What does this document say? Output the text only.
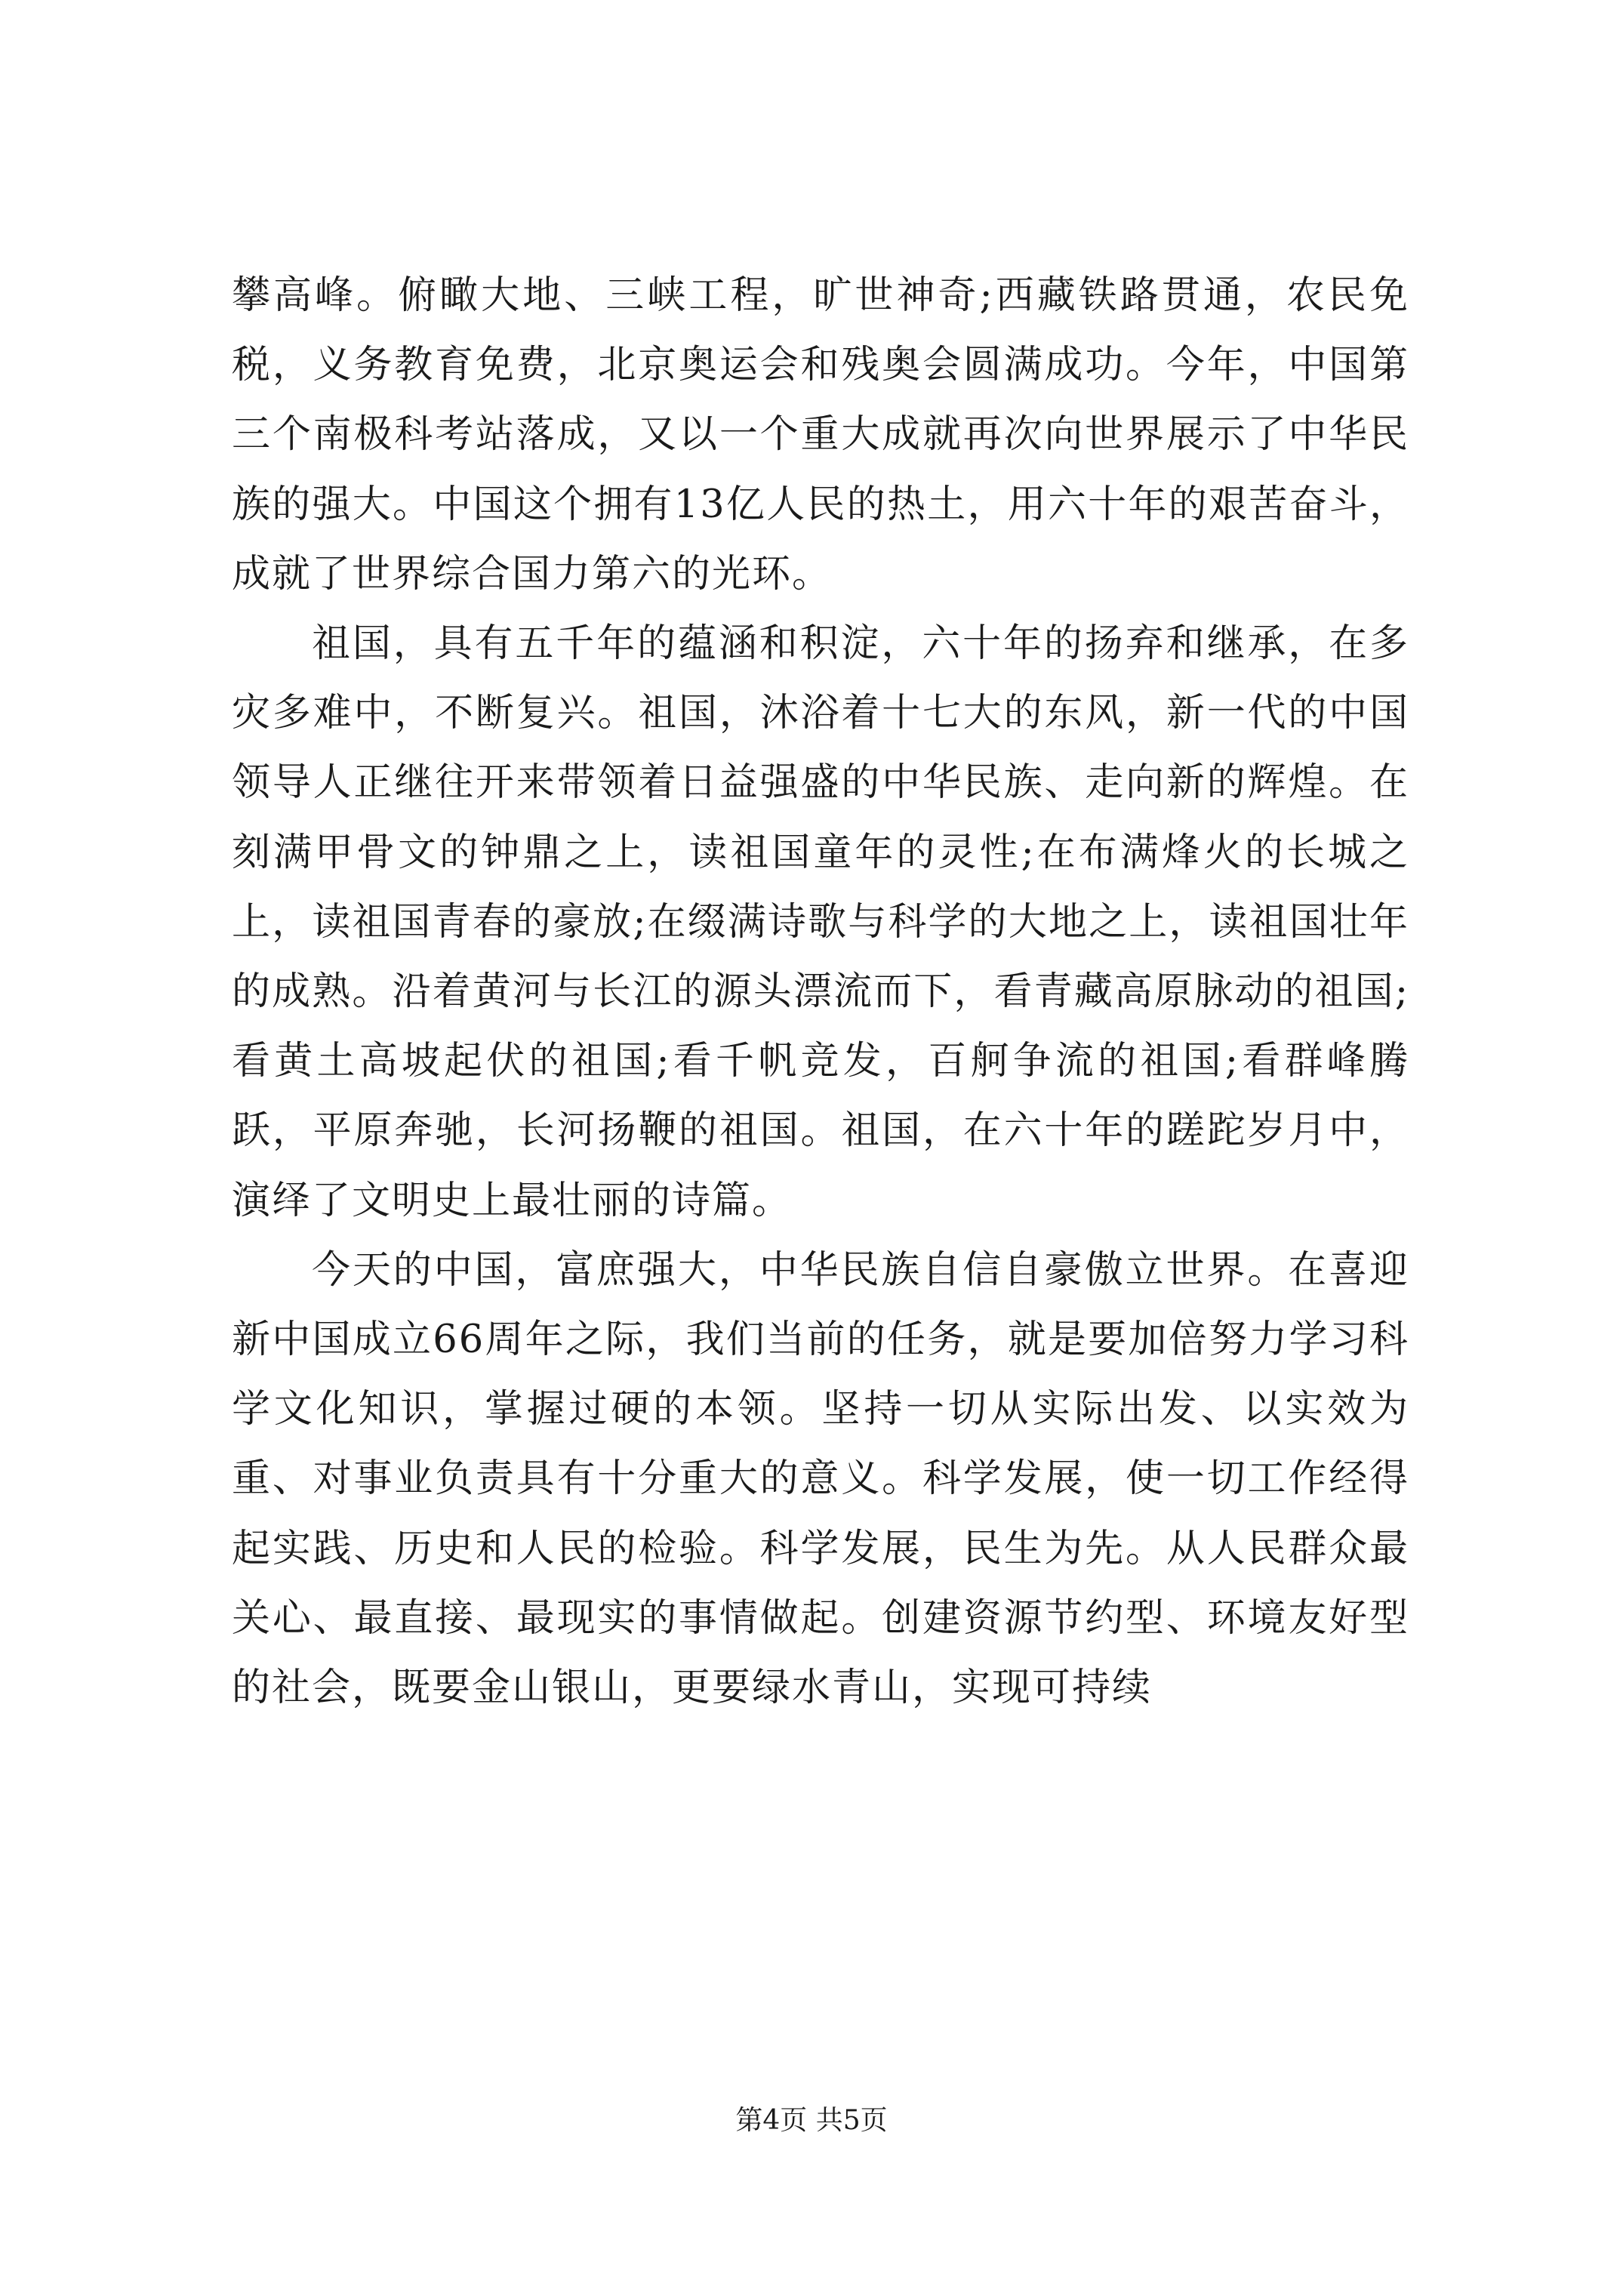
攀高峰。俯瞰大地、三峡工程，旷世神奇;西藏铁路贯通，农民免税，义务教育免费，北京奥运会和残奥会圆满成功。今年，中国第三个南极科考站落成，又以一个重大成就再次向世界展示了中华民族的强大。中国这个拥有13亿人民的热土，用六十年的艰苦奋斗，成就了世界综合国力第六的光环。

祖国，具有五千年的蕴涵和积淀，六十年的扬弃和继承，在多灾多难中，不断复兴。祖国，沐浴着十七大的东风，新一代的中国领导人正继往开来带领着日益强盛的中华民族、走向新的辉煌。在刻满甲骨文的钟鼎之上，读祖国童年的灵性;在布满烽火的长城之上，读祖国青春的豪放;在缀满诗歌与科学的大地之上，读祖国壮年的成熟。沿着黄河与长江的源头漂流而下，看青藏高原脉动的祖国;看黄土高坡起伏的祖国;看千帆竞发，百舸争流的祖国;看群峰腾跃，平原奔驰，长河扬鞭的祖国。祖国，在六十年的蹉跎岁月中，演绎了文明史上最壮丽的诗篇。

今天的中国，富庶强大，中华民族自信自豪傲立世界。在喜迎新中国成立66周年之际，我们当前的任务，就是要加倍努力学习科学文化知识，掌握过硬的本领。坚持一切从实际出发、以实效为重、对事业负责具有十分重大的意义。科学发展，使一切工作经得起实践、历史和人民的检验。科学发展，民生为先。从人民群众最关心、最直接、最现实的事情做起。创建资源节约型、环境友好型的社会，既要金山银山，更要绿水青山，实现可持续

第4页 共5页
